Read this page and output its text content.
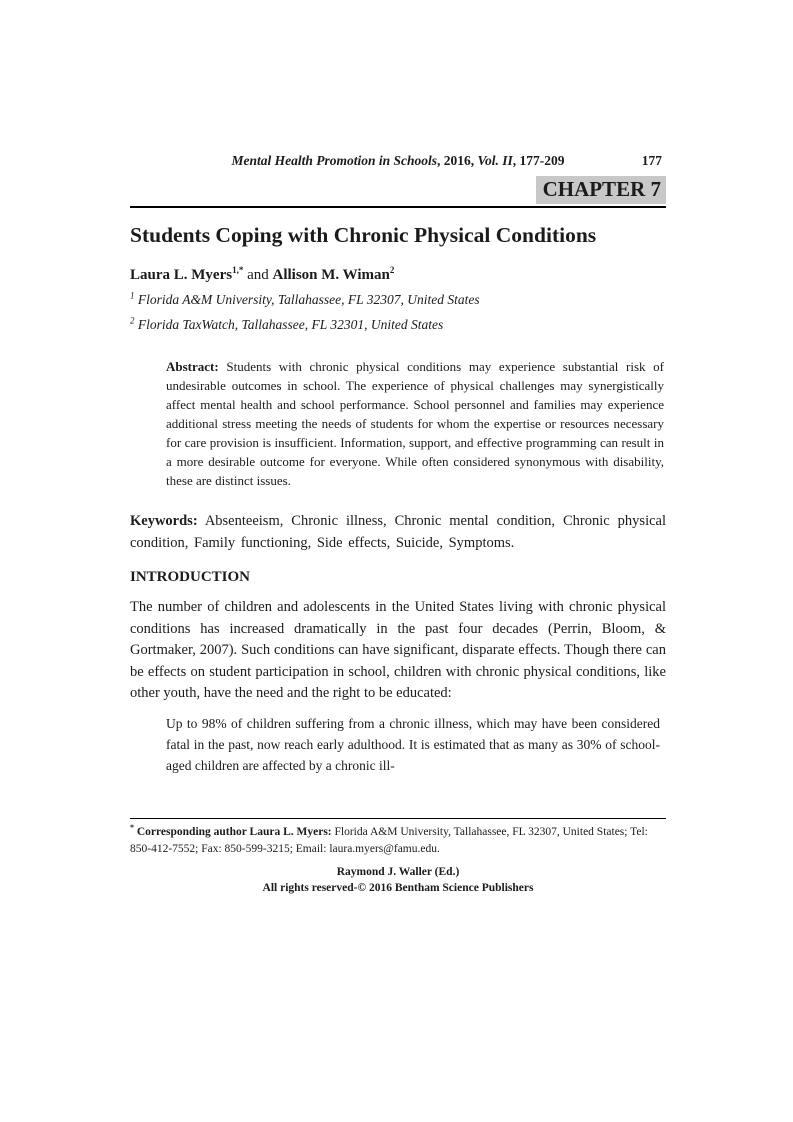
Mental Health Promotion in Schools, 2016, Vol. II, 177-209	177
CHAPTER 7
Students Coping with Chronic Physical Conditions
Laura L. Myers$^{1,*}$ and Allison M. Wiman$^2$
$^1$ Florida A&M University, Tallahassee, FL 32307, United States
$^2$ Florida TaxWatch, Tallahassee, FL 32301, United States

Abstract: Students with chronic physical conditions may experience substantial risk of undesirable outcomes in school. The experience of physical challenges may synergistically affect mental health and school performance. School personnel and families may experience additional stress meeting the needs of students for whom the expertise or resources necessary for care provision is insufficient. Information, support, and effective programming can result in a more desirable outcome for everyone. While often considered synonymous with disability, these are distinct issues.

Keywords: Absenteeism, Chronic illness, Chronic mental condition, Chronic physical condition, Family functioning, Side effects, Suicide, Symptoms.

INTRODUCTION

The number of children and adolescents in the United States living with chronic physical conditions has increased dramatically in the past four decades (Perrin, Bloom, & Gortmaker, 2007). Such conditions can have significant, disparate effects. Though there can be effects on student participation in school, children with chronic physical conditions, like other youth, have the need and the right to be educated:

Up to 98% of children suffering from a chronic illness, which may have been considered fatal in the past, now reach early adulthood. It is estimated that as many as 30% of school-aged children are affected by a chronic ill-

* Corresponding author Laura L. Myers: Florida A&M University, Tallahassee, FL 32307, United States; Tel: 850-412-7552; Fax: 850-599-3215; Email: laura.myers@famu.edu.

Raymond J. Waller (Ed.)
All rights reserved-© 2016 Bentham Science Publishers
